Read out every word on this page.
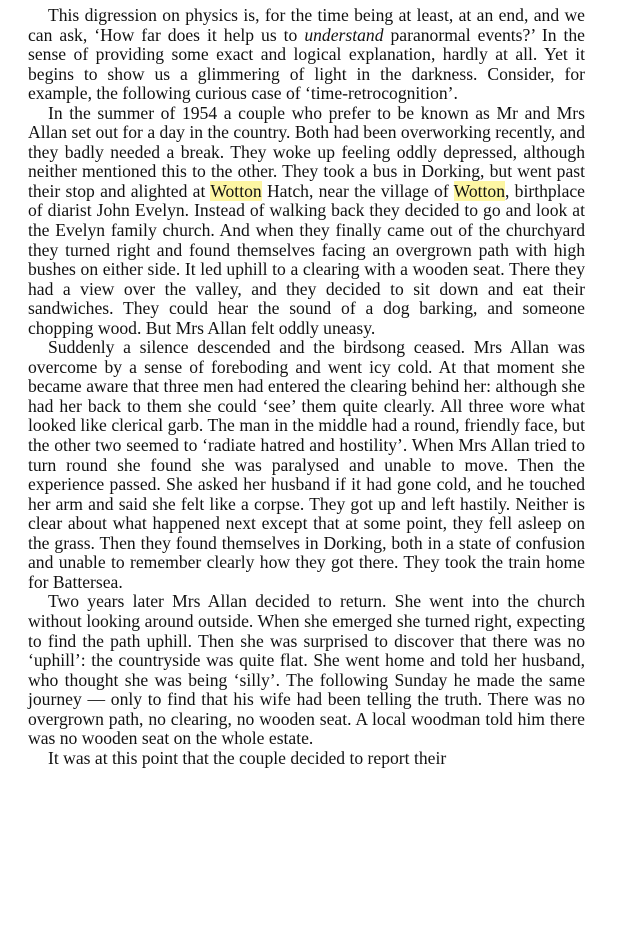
This digression on physics is, for the time being at least, at an end, and we can ask, ‘How far does it help us to understand paranormal events?’ In the sense of providing some exact and logical explanation, hardly at all. Yet it begins to show us a glimmering of light in the darkness. Consider, for example, the following curious case of ‘time-retrocognition’.

In the summer of 1954 a couple who prefer to be known as Mr and Mrs Allan set out for a day in the country. Both had been overworking recently, and they badly needed a break. They woke up feeling oddly depressed, although neither mentioned this to the other. They took a bus in Dorking, but went past their stop and alighted at Wotton Hatch, near the village of Wotton, birthplace of diarist John Evelyn. Instead of walking back they decided to go and look at the Evelyn family church. And when they finally came out of the churchyard they turned right and found themselves facing an overgrown path with high bushes on either side. It led uphill to a clearing with a wooden seat. There they had a view over the valley, and they decided to sit down and eat their sandwiches. They could hear the sound of a dog barking, and someone chopping wood. But Mrs Allan felt oddly uneasy.

Suddenly a silence descended and the birdsong ceased. Mrs Allan was overcome by a sense of foreboding and went icy cold. At that moment she became aware that three men had entered the clearing behind her: although she had her back to them she could ‘see’ them quite clearly. All three wore what looked like clerical garb. The man in the middle had a round, friendly face, but the other two seemed to ‘radiate hatred and hostility’. When Mrs Allan tried to turn round she found she was paralysed and unable to move. Then the experience passed. She asked her husband if it had gone cold, and he touched her arm and said she felt like a corpse. They got up and left hastily. Neither is clear about what happened next except that at some point, they fell asleep on the grass. Then they found themselves in Dorking, both in a state of confusion and unable to remember clearly how they got there. They took the train home for Battersea.

Two years later Mrs Allan decided to return. She went into the church without looking around outside. When she emerged she turned right, expecting to find the path uphill. Then she was surprised to discover that there was no ‘uphill’: the countryside was quite flat. She went home and told her husband, who thought she was being ‘silly’. The following Sunday he made the same journey — only to find that his wife had been telling the truth. There was no overgrown path, no clearing, no wooden seat. A local woodman told him there was no wooden seat on the whole estate.

It was at this point that the couple decided to report their
